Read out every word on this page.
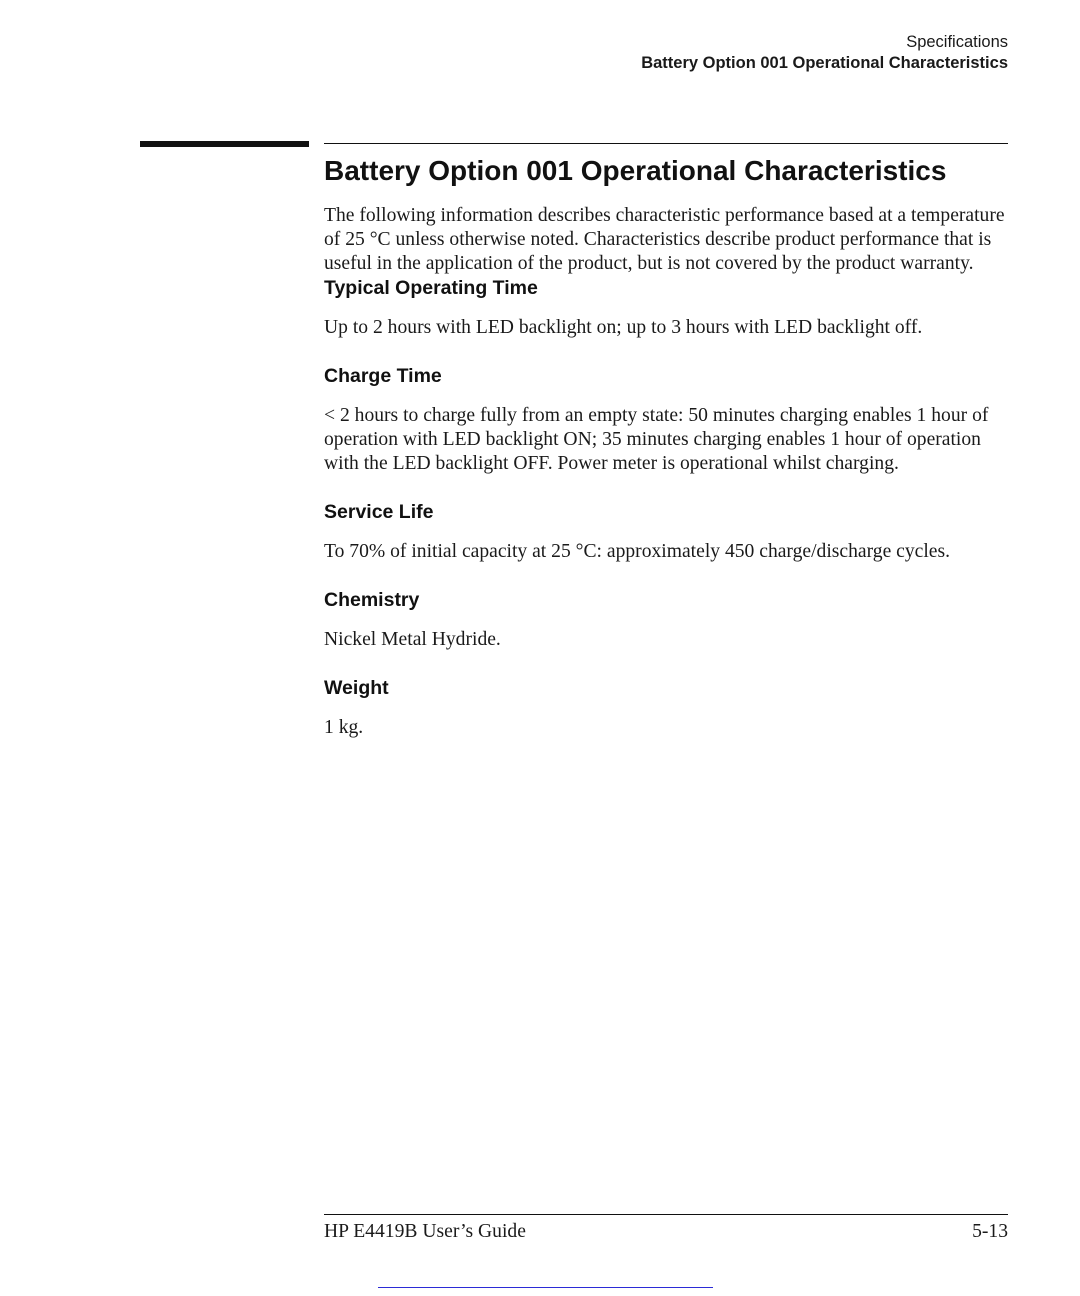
Specifications
Battery Option 001 Operational Characteristics
Battery Option 001 Operational Characteristics

The following information describes characteristic performance based at a temperature of 25 °C unless otherwise noted. Characteristics describe product performance that is useful in the application of the product, but is not covered by the product warranty.

Typical Operating Time

Up to 2 hours with LED backlight on; up to 3 hours with LED backlight off.

Charge Time

< 2 hours to charge fully from an empty state: 50 minutes charging enables 1 hour of operation with LED backlight ON; 35 minutes charging enables 1 hour of operation with the LED backlight OFF. Power meter is operational whilst charging.

Service Life

To 70% of initial capacity at 25 °C: approximately 450 charge/discharge cycles.

Chemistry

Nickel Metal Hydride.

Weight

1 kg.

HP E4419B User’s Guide	5-13
